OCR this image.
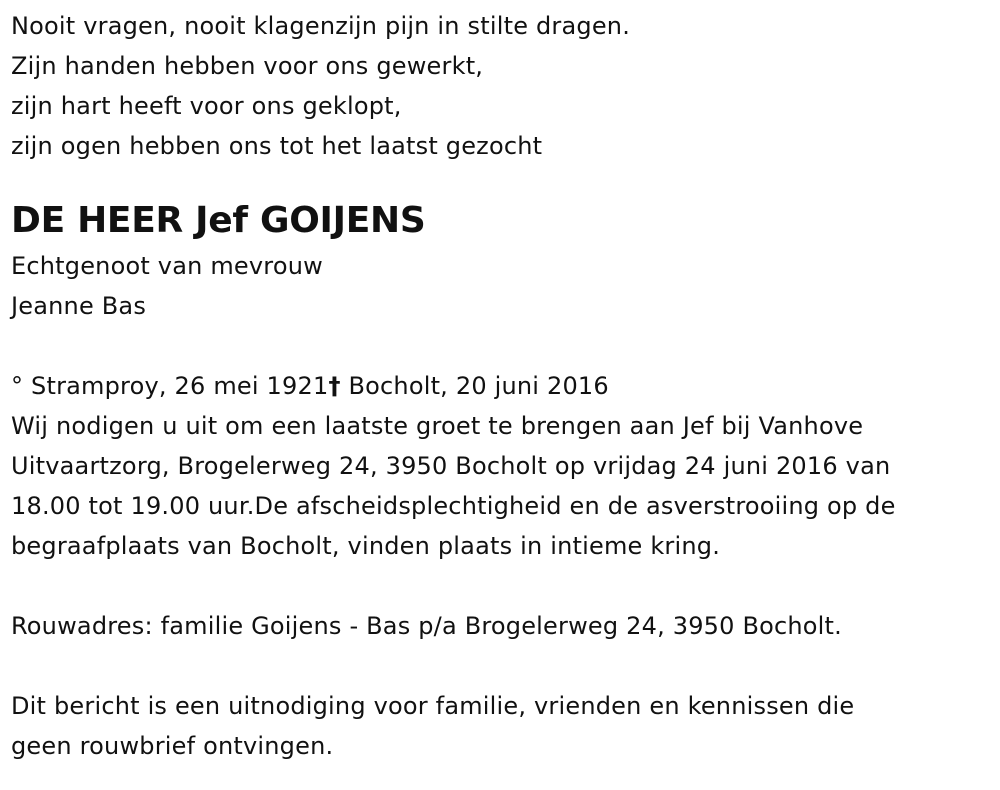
Nooit vragen, nooit klagenzijn pijn in stilte dragen.
Zijn handen hebben voor ons gewerkt,
zijn hart heeft voor ons geklopt,
zijn ogen hebben ons tot het laatst gezocht
DE HEER Jef GOIJENS
Echtgenoot van mevrouw
Jeanne Bas
° Stramproy, 26 mei 1921† Bocholt, 20 juni 2016
Wij nodigen u uit om een laatste groet te brengen aan Jef bij Vanhove
Uitvaartzorg, Brogelerweg 24, 3950 Bocholt op vrijdag 24 juni 2016 van
18.00 tot 19.00 uur.De afscheidsplechtigheid en de asverstrooiing op de
begraafplaats van Bocholt, vinden plaats in intieme kring.
Rouwadres: familie Goijens - Bas p/a Brogelerweg 24, 3950 Bocholt.
Dit bericht is een uitnodiging voor familie, vrienden en kennissen die
geen rouwbrief ontvingen.
